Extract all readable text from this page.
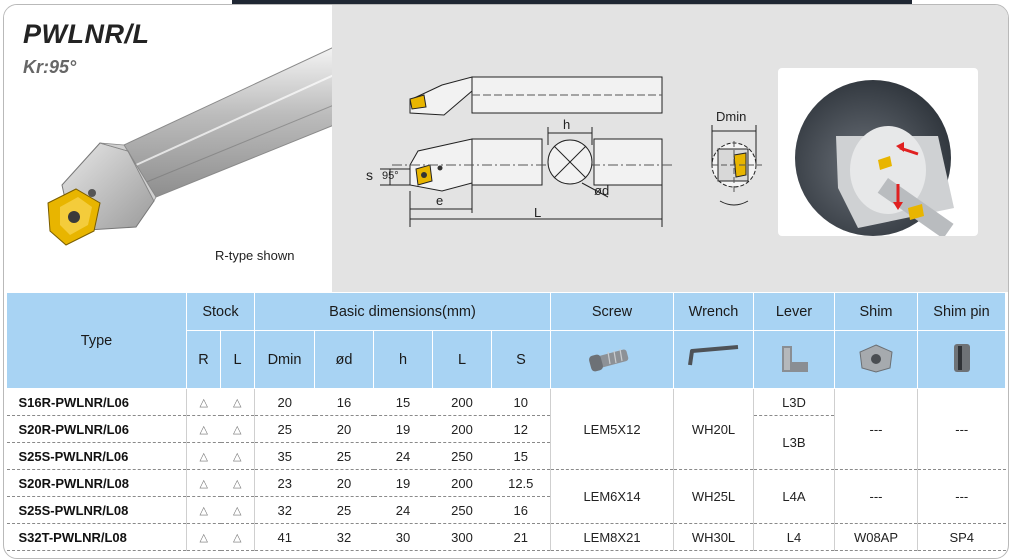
PWLNR/L
Kr:95°
R-type shown
h
s 95°
e
L
ød
Dmin
Type	Stock		Basic dimensions(mm)					Screw	Wrench	Lever	Shim	Shim pin
	R	L	Dmin	ød	h	L	S					
S16R-PWLNR/L06	△	△	20	16	15	200	10	LEM5X12	WH20L	L3D	---	---
S20R-PWLNR/L06	△	△	25	20	19	200	12			L3B		
S25S-PWLNR/L06	△	△	35	25	24	250	15					
S20R-PWLNR/L08	△	△	23	20	19	200	12.5	LEM6X14	WH25L	L4A	---	---
S25S-PWLNR/L08	△	△	32	25	24	250	16					
S32T-PWLNR/L08	△	△	41	32	30	300	21	LEM8X21	WH30L	L4	W08AP	SP4
